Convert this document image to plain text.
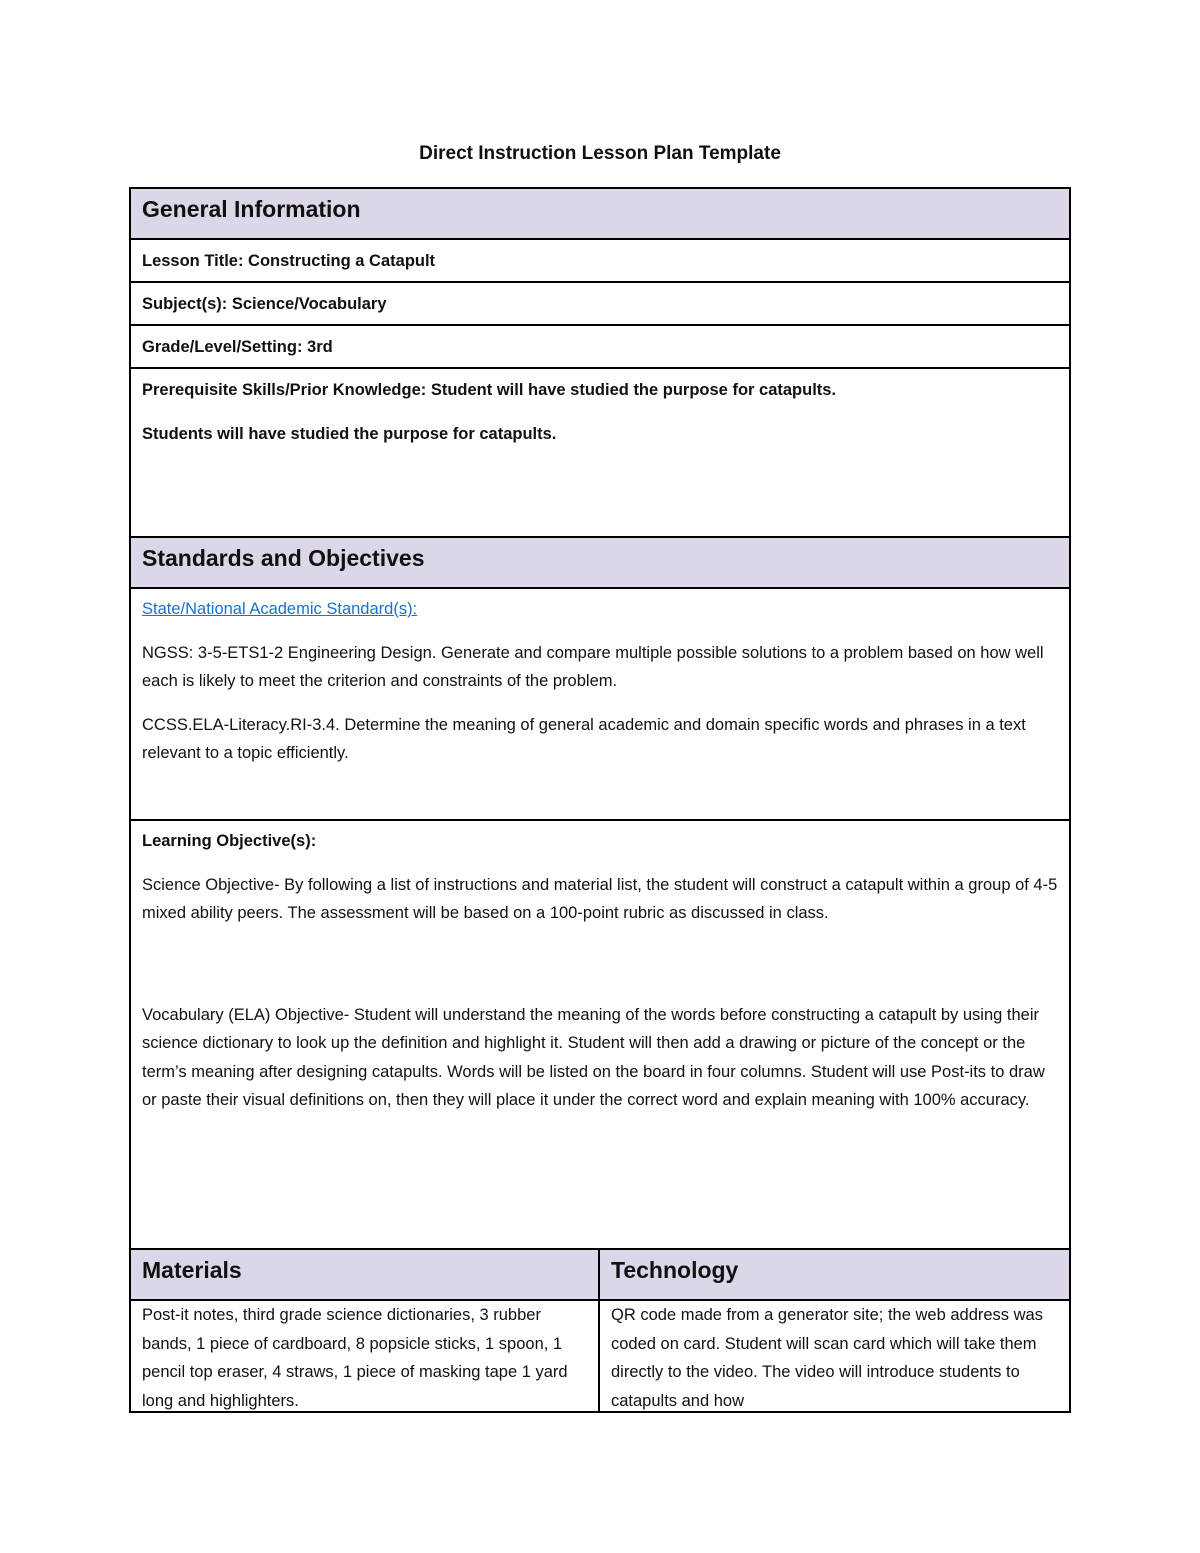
Direct Instruction Lesson Plan Template
General Information

Lesson Title: Constructing a Catapult

Subject(s): Science/Vocabulary

Grade/Level/Setting: 3rd

Prerequisite Skills/Prior Knowledge: Student will have studied the purpose for catapults.

Students will have studied the purpose for catapults.

Standards and Objectives

State/National Academic Standard(s):

NGSS: 3-5-ETS1-2 Engineering Design. Generate and compare multiple possible solutions to a problem based on how well each is likely to meet the criterion and constraints of the problem.

CCSS.ELA-Literacy.RI-3.4. Determine the meaning of general academic and domain specific words and phrases in a text relevant to a topic efficiently.

Learning Objective(s):

Science Objective- By following a list of instructions and material list, the student will construct a catapult within a group of 4-5 mixed ability peers. The assessment will be based on a 100-point rubric as discussed in class.

Vocabulary (ELA) Objective- Student will understand the meaning of the words before constructing a catapult by using their science dictionary to look up the definition and highlight it. Student will then add a drawing or picture of the concept or the term’s meaning after designing catapults. Words will be listed on the board in four columns. Student will use Post-its to draw or paste their visual definitions on, then they will place it under the correct word and explain meaning with 100% accuracy.

Materials	Technology

Post-it notes, third grade science dictionaries, 3 rubber bands, 1 piece of cardboard, 8 popsicle sticks, 1 spoon, 1 pencil top eraser, 4 straws, 1 piece of masking tape 1 yard long and highlighters.

QR code made from a generator site; the web address was coded on card. Student will scan card which will take them directly to the video. The video will introduce students to catapults and how
